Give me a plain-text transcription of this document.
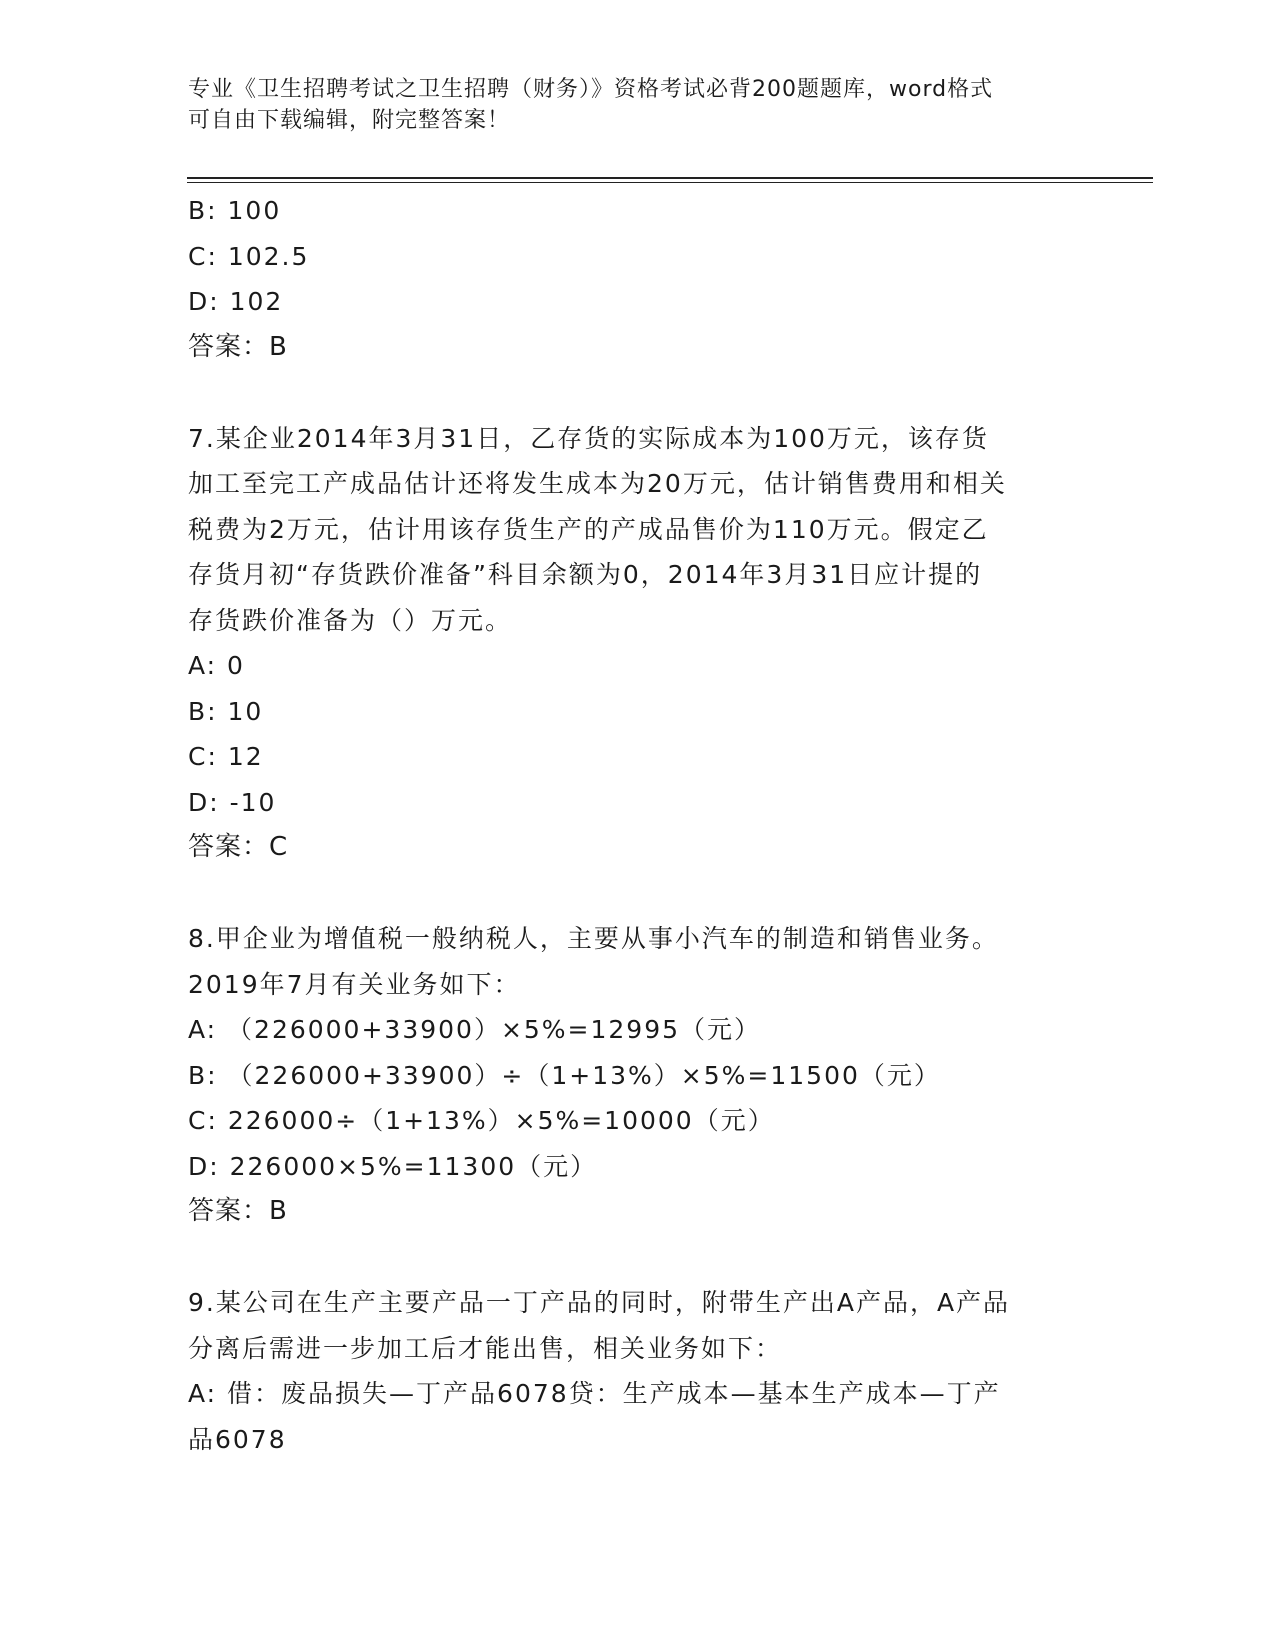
专业《卫生招聘考试之卫生招聘（财务）》资格考试必背200题题库，word格式
可自由下载编辑，附完整答案！
B: 100
C: 102.5
D: 102
答案：B
7.某企业2014年3月31日，乙存货的实际成本为100万元，该存货
加工至完工产成品估计还将发生成本为20万元，估计销售费用和相关
税费为2万元，估计用该存货生产的产成品售价为110万元。假定乙
存货月初“存货跌价准备”科目余额为0，2014年3月31日应计提的
存货跌价准备为（）万元。
A: 0
B: 10
C: 12
D: -10
答案：C
8.甲企业为增值税一般纳税人，主要从事小汽车的制造和销售业务。
2019年7月有关业务如下：
A: （226000+33900）×5%=12995（元）
B: （226000+33900）÷（1+13%）×5%=11500（元）
C: 226000÷（1+13%）×5%=10000（元）
D: 226000×5%=11300（元）
答案：B
9.某公司在生产主要产品一丁产品的同时，附带生产出A产品，A产品
分离后需进一步加工后才能出售，相关业务如下：
A: 借：废品损失—丁产品6078贷：生产成本—基本生产成本—丁产
品6078
